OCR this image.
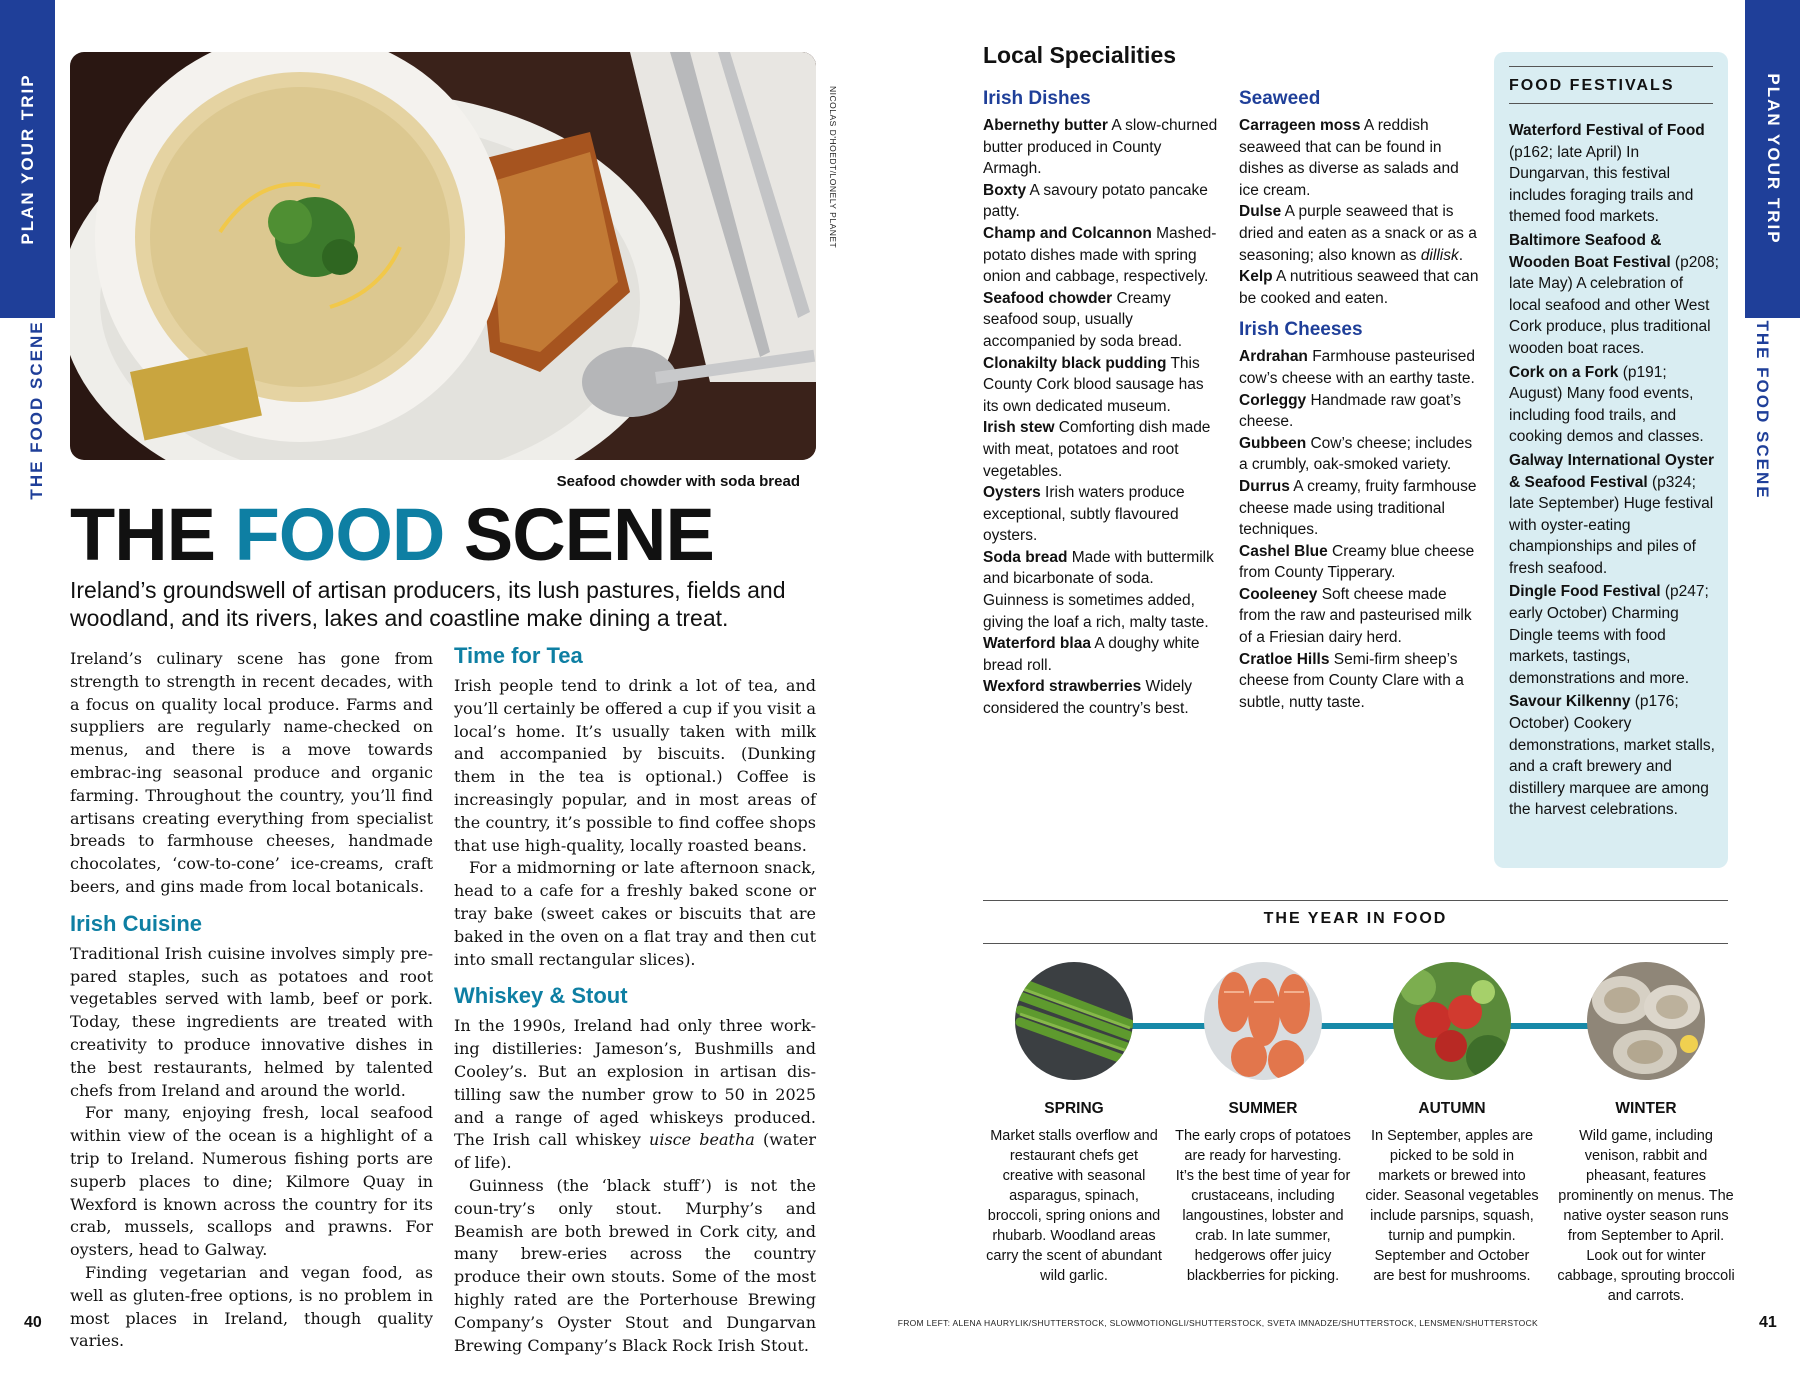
PLAN YOUR TRIP
THE FOOD SCENE
40
NICOLAS D'HOEDT/LONELY PLANET
Seafood chowder with soda bread
THE FOOD SCENE
Ireland’s groundswell of artisan producers, its lush pastures, fields and woodland, and its rivers, lakes and coastline make dining a treat.

Ireland’s culinary scene has gone from strength to strength in recent decades, with a focus on quality local produce. Farms and suppliers are regularly name-checked on menus, and there is a move towards embrac-ing seasonal produce and organic farming. Throughout the country, you’ll find artisans creating everything from specialist breads to farmhouse cheeses, handmade chocolates, ‘cow-to-cone’ ice-creams, craft beers, and gins made from local botanicals.

Irish Cuisine

Traditional Irish cuisine involves simply pre-pared staples, such as potatoes and root vegetables served with lamb, beef or pork. Today, these ingredients are treated with creativity to produce innovative dishes in the best restaurants, helmed by talented chefs from Ireland and around the world.

For many, enjoying fresh, local seafood within view of the ocean is a highlight of a trip to Ireland. Numerous fishing ports are superb places to dine; Kilmore Quay in Wexford is known across the country for its crab, mussels, scallops and prawns. For oysters, head to Galway.

Finding vegetarian and vegan food, as well as gluten-free options, is no problem in most places in Ireland, though quality varies.

Time for Tea

Irish people tend to drink a lot of tea, and you’ll certainly be offered a cup if you visit a local’s home. It’s usually taken with milk and accompanied by biscuits. (Dunking them in the tea is optional.) Coffee is increasingly popular, and in most areas of the country, it’s possible to find coffee shops that use high-quality, locally roasted beans.

For a midmorning or late afternoon snack, head to a cafe for a freshly baked scone or tray bake (sweet cakes or biscuits that are baked in the oven on a flat tray and then cut into small rectangular slices).

Whiskey & Stout

In the 1990s, Ireland had only three work-ing distilleries: Jameson’s, Bushmills and Cooley’s. But an explosion in artisan dis-tilling saw the number grow to 50 in 2025 and a range of aged whiskeys produced. The Irish call whiskey uisce beatha (water of life).

Guinness (the ‘black stuff’) is not the coun-try’s only stout. Murphy’s and Beamish are both brewed in Cork city, and many brew-eries across the country produce their own stouts. Some of the most highly rated are the Porterhouse Brewing Company’s Oyster Stout and Dungarvan Brewing Company’s Black Rock Irish Stout.

PLAN YOUR TRIP
THE FOOD SCENE
41
Local Specialities
Irish Dishes

Abernethy butter A slow-churned butter produced in County Armagh.

Boxty A savoury potato pancake patty.

Champ and Colcannon Mashed-potato dishes made with spring onion and cabbage, respectively.

Seafood chowder Creamy seafood soup, usually accompanied by soda bread.

Clonakilty black pudding This County Cork blood sausage has its own dedicated museum.

Irish stew Comforting dish made with meat, potatoes and root vegetables.

Oysters Irish waters produce exceptional, subtly flavoured oysters.

Soda bread Made with buttermilk and bicarbonate of soda. Guinness is sometimes added, giving the loaf a rich, malty taste.

Waterford blaa A doughy white bread roll.

Wexford strawberries Widely considered the country’s best.

Seaweed

Carrageen moss A reddish seaweed that can be found in dishes as diverse as salads and ice cream.

Dulse A purple seaweed that is dried and eaten as a snack or as a seasoning; also known as dillisk.

Kelp A nutritious seaweed that can be cooked and eaten.

Irish Cheeses

Ardrahan Farmhouse pasteurised cow’s cheese with an earthy taste.

Corleggy Handmade raw goat’s cheese.

Gubbeen Cow’s cheese; includes a crumbly, oak-smoked variety.

Durrus A creamy, fruity farmhouse cheese made using traditional techniques.

Cashel Blue Creamy blue cheese from County Tipperary.

Cooleeney Soft cheese made from the raw and pasteurised milk of a Friesian dairy herd.

Cratloe Hills Semi-firm sheep’s cheese from County Clare with a subtle, nutty taste.

FOOD FESTIVALS

Waterford Festival of Food (p162; late April) In Dungarvan, this festival includes foraging trails and themed food markets.

Baltimore Seafood & Wooden Boat Festival (p208; late May) A celebration of local seafood and other West Cork produce, plus traditional wooden boat races.

Cork on a Fork (p191; August) Many food events, including food trails, and cooking demos and classes.

Galway International Oyster & Seafood Festival (p324; late September) Huge festival with oyster-eating championships and piles of fresh seafood.

Dingle Food Festival (p247; early October) Charming Dingle teems with food markets, tastings, demonstrations and more.

Savour Kilkenny (p176; October) Cookery demonstrations, market stalls, and a craft brewery and distillery marquee are among the harvest celebrations.

THE YEAR IN FOOD
SPRING
Market stalls overflow and restaurant chefs get creative with seasonal asparagus, spinach, broccoli, spring onions and rhubarb. Woodland areas carry the scent of abundant wild garlic.
SUMMER
The early crops of potatoes are ready for harvesting. It’s the best time of year for crustaceans, including langoustines, lobster and crab. In late summer, hedgerows offer juicy blackberries for picking.
AUTUMN
In September, apples are picked to be sold in markets or brewed into cider. Seasonal vegetables include parsnips, squash, turnip and pumpkin. September and October are best for mushrooms.
WINTER
Wild game, including venison, rabbit and pheasant, features prominently on menus. The native oyster season runs from September to April. Look out for winter cabbage, sprouting broccoli and carrots.
FROM LEFT: ALENA HAURYLIK/SHUTTERSTOCK, SLOWMOTIONGLI/SHUTTERSTOCK, SVETA IMNADZE/SHUTTERSTOCK, LENSMEN/SHUTTERSTOCK
